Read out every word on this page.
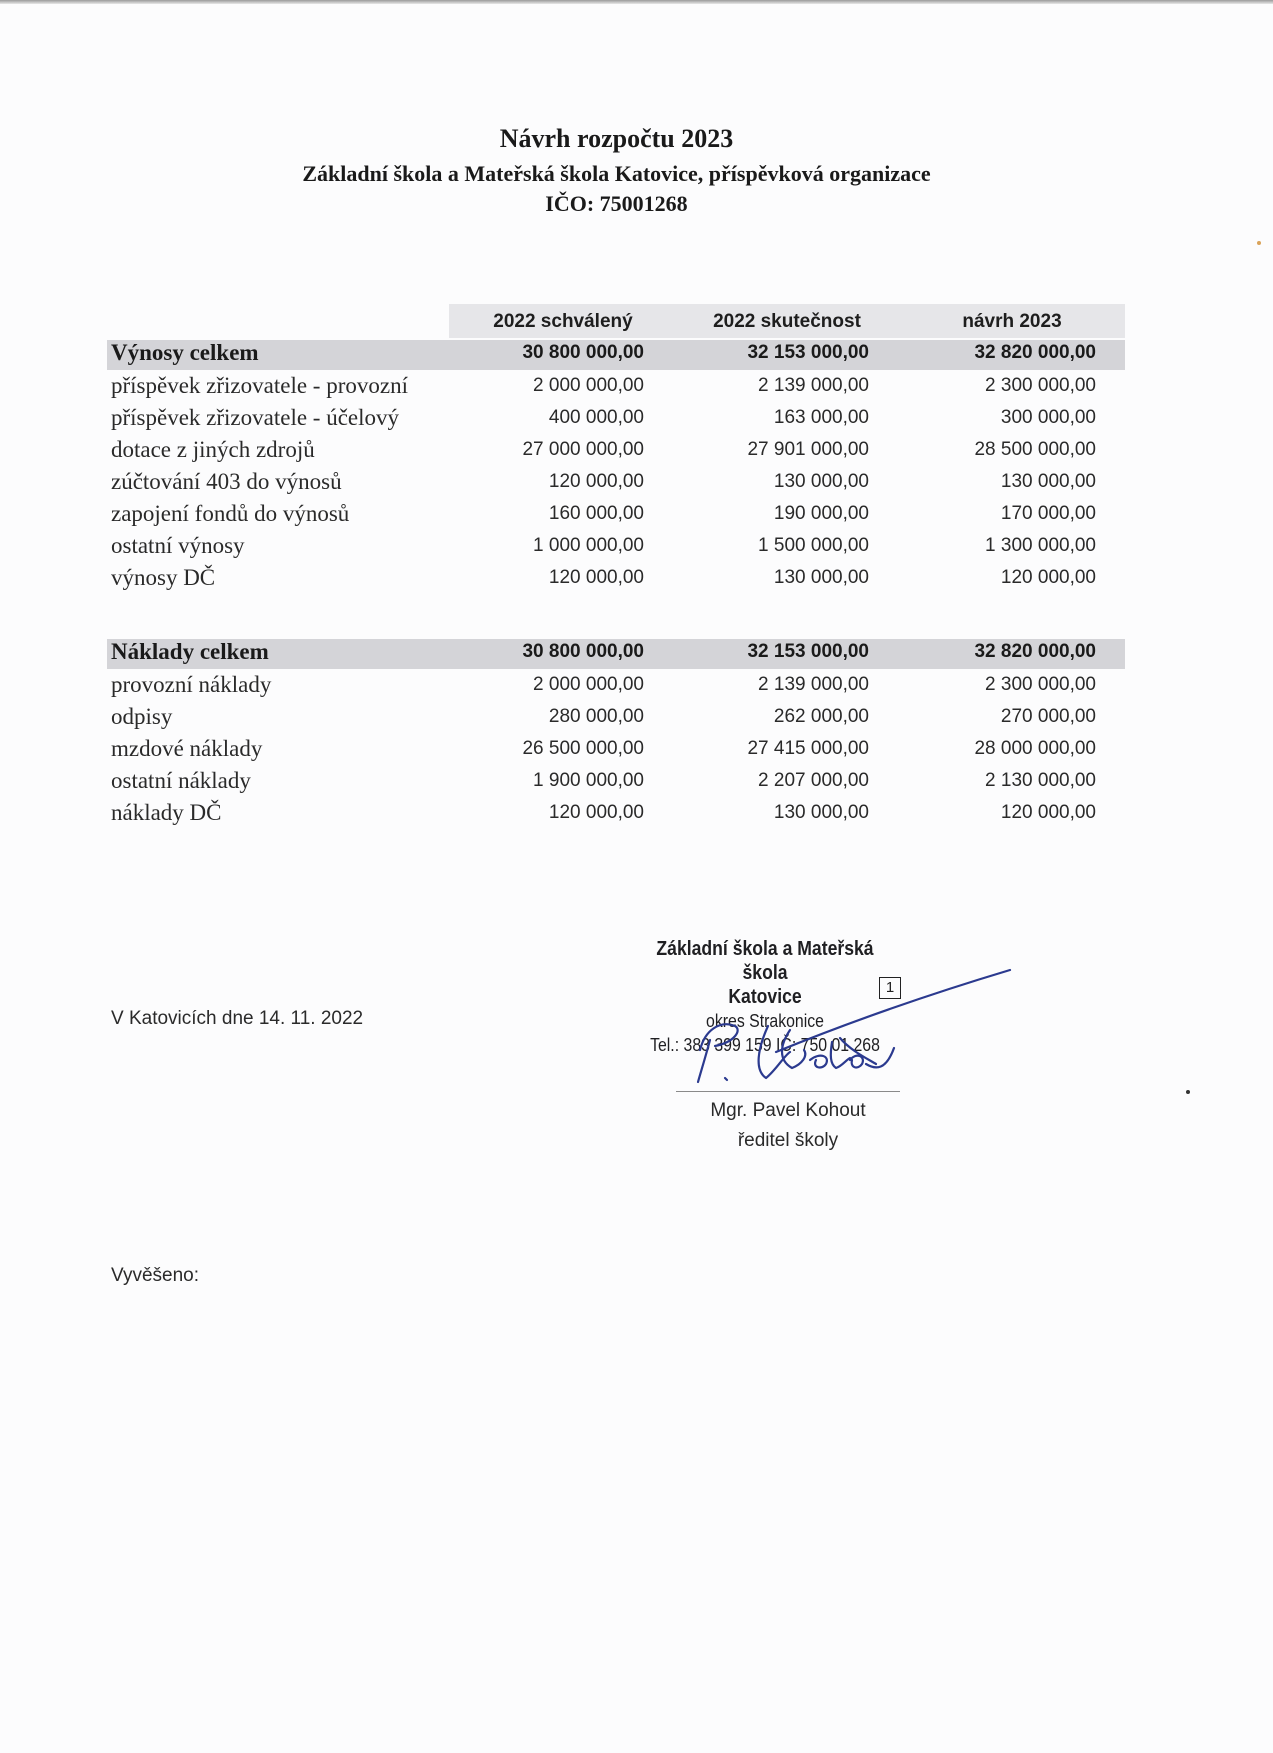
Návrh rozpočtu 2023
Základní škola a Mateřská škola Katovice, příspěvková organizace
IČO: 75001268
2022 schválený	2022 skutečnost	návrh 2023
Výnosy celkem	30 800 000,00	32 153 000,00	32 820 000,00
příspěvek zřizovatele - provozní	2 000 000,00	2 139 000,00	2 300 000,00
příspěvek zřizovatele - účelový	400 000,00	163 000,00	300 000,00
dotace z jiných zdrojů	27 000 000,00	27 901 000,00	28 500 000,00
zúčtování 403 do výnosů	120 000,00	130 000,00	130 000,00
zapojení fondů do výnosů	160 000,00	190 000,00	170 000,00
ostatní výnosy	1 000 000,00	1 500 000,00	1 300 000,00
výnosy DČ	120 000,00	130 000,00	120 000,00
Náklady celkem	30 800 000,00	32 153 000,00	32 820 000,00
provozní náklady	2 000 000,00	2 139 000,00	2 300 000,00
odpisy	280 000,00	262 000,00	270 000,00
mzdové náklady	26 500 000,00	27 415 000,00	28 000 000,00
ostatní náklady	1 900 000,00	2 207 000,00	2 130 000,00
náklady DČ	120 000,00	130 000,00	120 000,00
V Katovicích dne 14. 11. 2022
Vyvěšeno:
Základní škola a Mateřská škola
Katovice
okres Strakonice
Tel.: 383 399 159 IČ: 750 01 268
1
Mgr. Pavel Kohout
ředitel školy
